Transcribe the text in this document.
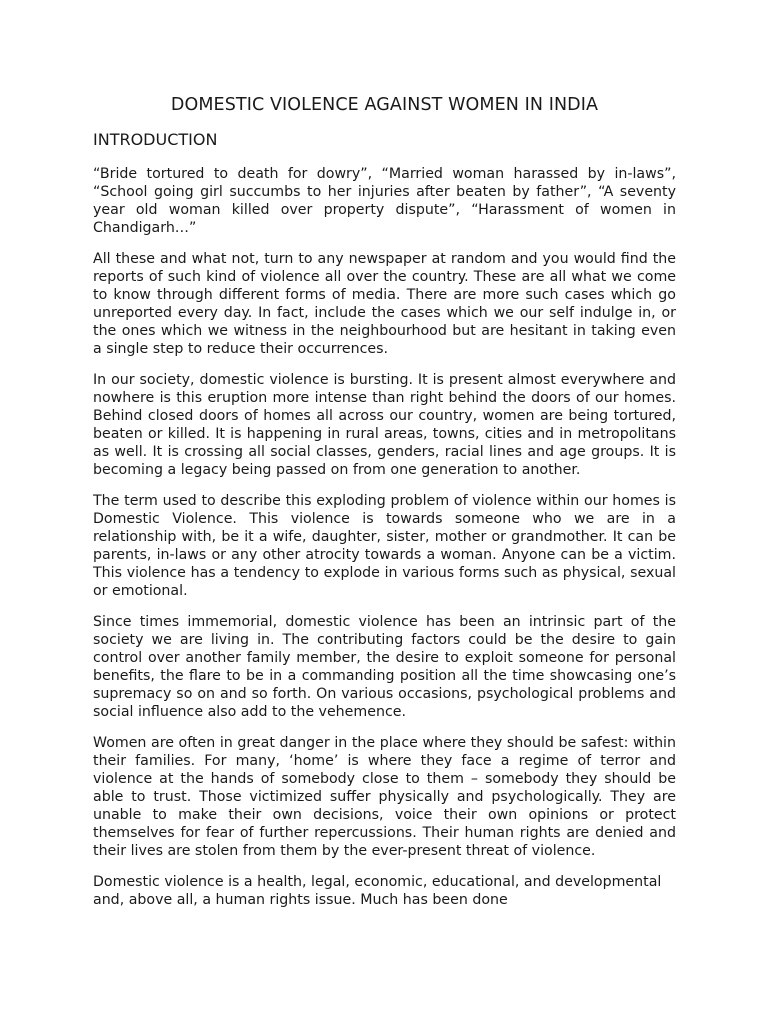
DOMESTIC VIOLENCE AGAINST WOMEN IN INDIA
INTRODUCTION

“Bride tortured to death for dowry”, “Married woman harassed by in-laws”, “School going girl succumbs to her injuries after beaten by father”, “A seventy year old woman killed over property dispute”, “Harassment of women in Chandigarh…”

All these and what not, turn to any newspaper at random and you would find the reports of such kind of violence all over the country. These are all what we come to know through different forms of media. There are more such cases which go unreported every day. In fact, include the cases which we our self indulge in, or the ones which we witness in the neighbourhood but are hesitant in taking even a single step to reduce their occurrences.

In our society, domestic violence is bursting. It is present almost everywhere and nowhere is this eruption more intense than right behind the doors of our homes. Behind closed doors of homes all across our country, women are being tortured, beaten or killed. It is happening in rural areas, towns, cities and in metropolitans as well. It is crossing all social classes, genders, racial lines and age groups. It is becoming a legacy being passed on from one generation to another.

The term used to describe this exploding problem of violence within our homes is Domestic Violence. This violence is towards someone who we are in a relationship with, be it a wife, daughter, sister, mother or grandmother. It can be parents, in-laws or any other atrocity towards a woman. Anyone can be a victim. This violence has a tendency to explode in various forms such as physical, sexual or emotional.

Since times immemorial, domestic violence has been an intrinsic part of the society we are living in. The contributing factors could be the desire to gain control over another family member, the desire to exploit someone for personal benefits, the flare to be in a commanding position all the time showcasing one’s supremacy so on and so forth. On various occasions, psychological problems and social influence also add to the vehemence.

Women are often in great danger in the place where they should be safest: within their families. For many, ‘home’ is where they face a regime of terror and violence at the hands of somebody close to them – somebody they should be able to trust. Those victimized suffer physically and psychologically. They are unable to make their own decisions, voice their own opinions or protect themselves for fear of further repercussions. Their human rights are denied and their lives are stolen from them by the ever-present threat of violence.

Domestic violence is a health, legal, economic, educational, and developmental and, above all, a human rights issue. Much has been done
